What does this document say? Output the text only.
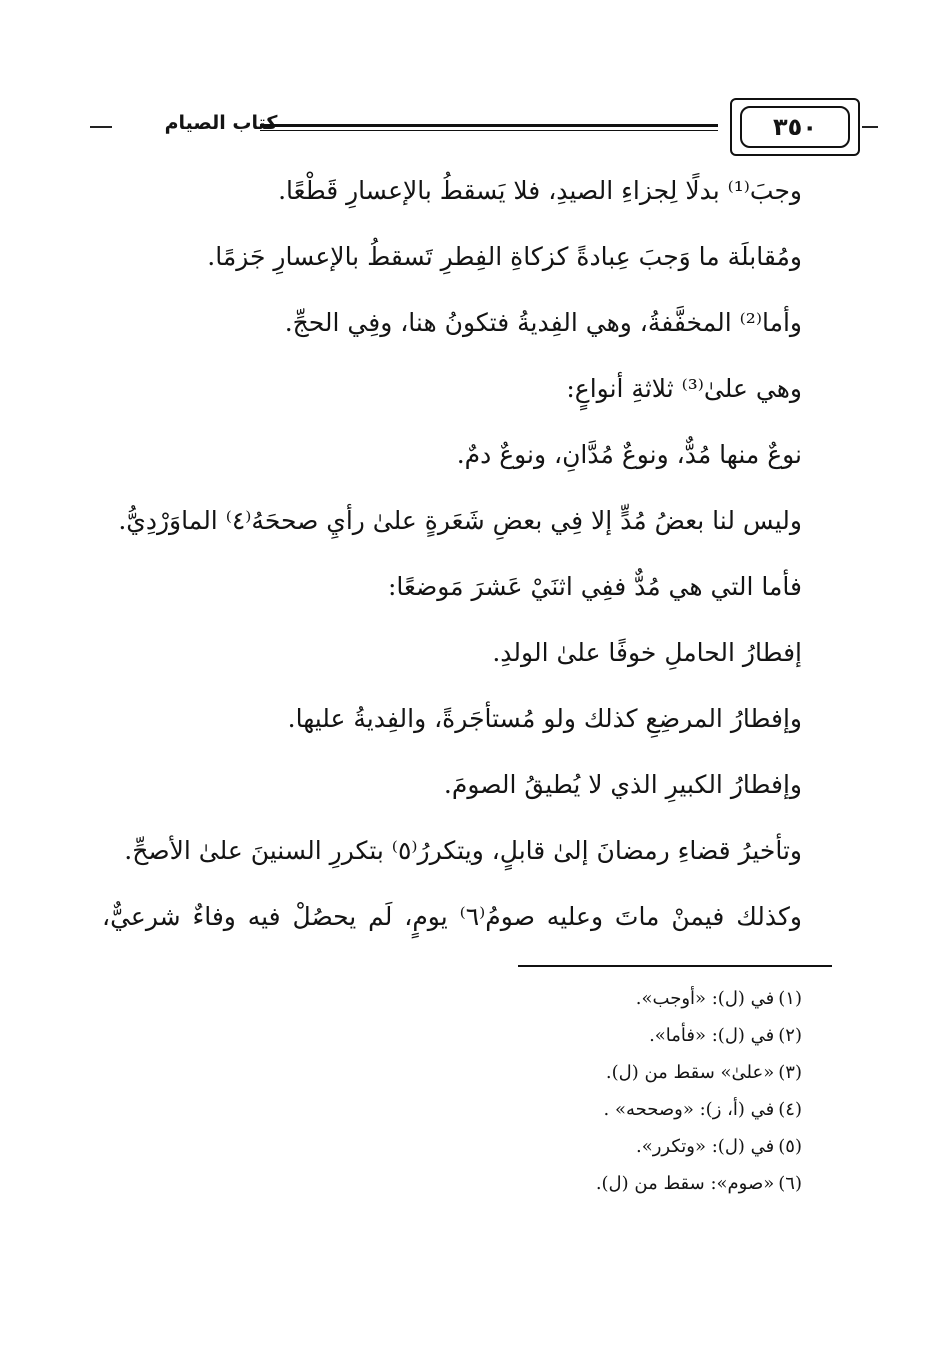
كتاب الصيام	٣٥٠
وجبَ⁽¹⁾ بدلًا لِجزاءِ الصيدِ، فلا يَسقطُ بالإعسارِ قَطْعًا.
ومُقابلَة ما وَجبَ عِبادةً كزكاةِ الفِطرِ تَسقطُ بالإعسارِ جَزمًا.
وأما⁽²⁾ المخفَّفةُ، وهي الفِديةُ فتكونُ هنا، وفِي الحجِّ.
وهي علىٰ⁽³⁾ ثلاثةِ أنواعٍ:
نوعٌ منها مُدٌّ، ونوعٌ مُدَّانِ، ونوعٌ دمٌ.
وليس لنا بعضُ مُدٍّ إلا فِي بعضِ شَعَرةٍ علىٰ رأيِ صححَهُ⁽٤⁾ الماوَرْدِيُّ.
فأما التي هي مُدٌّ ففِي اثنَيْ عَشرَ مَوضعًا:
إفطارُ الحاملِ خوفًا علىٰ الولدِ.
وإفطارُ المرضِعِ كذلك ولو مُستأجَرةً، والفِديةُ عليها.
وإفطارُ الكبيرِ الذي لا يُطيقُ الصومَ.
وتأخيرُ قضاءِ رمضانَ إلىٰ قابلٍ، ويتكررُ⁽٥⁾ بتكررِ السنينَ علىٰ الأصحِّ.
وكذلك فيمنْ ماتَ وعليه صومُ⁽٦⁾ يومٍ، لَم يحصُلْ فيه وفاءٌ شرعيٌّ،
(١)في (ل): «أوجب».
(٢)في (ل): «فأما».
(٣)«علىٰ» سقط من (ل).
(٤)في (أ، ز): «وصححه» .
(٥)في (ل): «وتكرر».
(٦)«صوم»: سقط من (ل).
